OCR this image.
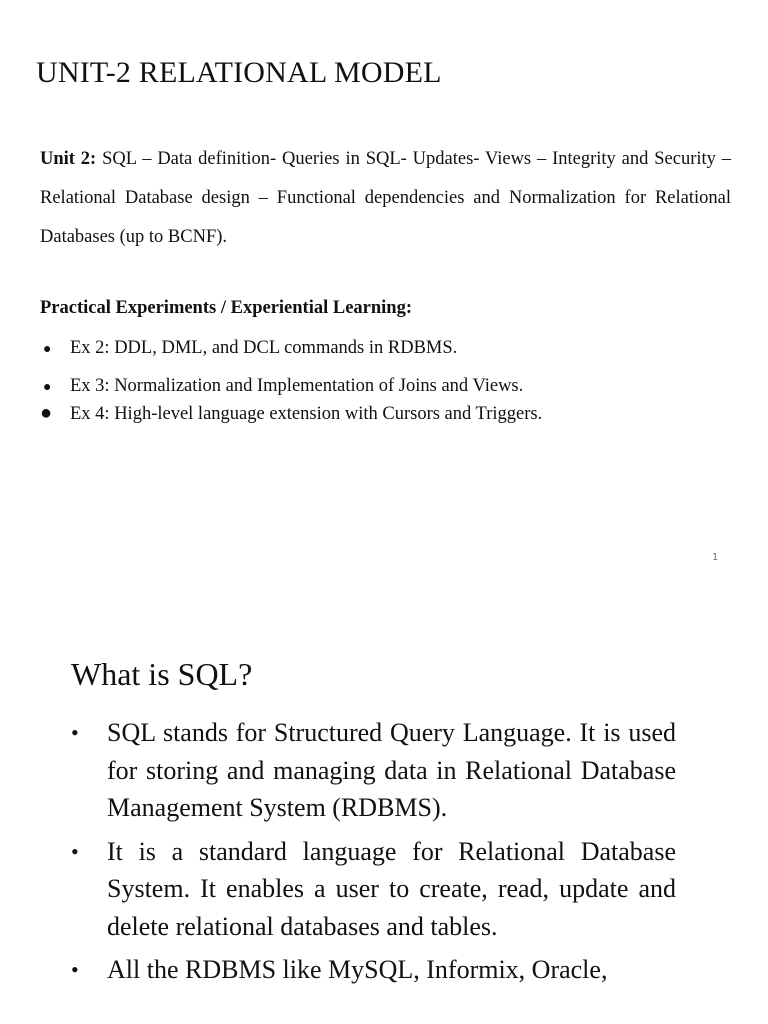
UNIT-2 RELATIONAL MODEL

Unit 2: SQL – Data definition- Queries in SQL- Updates- Views – Integrity and Security – Relational Database design – Functional dependencies and Normalization for Relational Databases (up to BCNF).

Practical Experiments / Experiential Learning:

● Ex 2: DDL, DML, and DCL commands in RDBMS.
● Ex 3: Normalization and Implementation of Joins and Views.
● Ex 4: High-level language extension with Cursors and Triggers.
1
What is SQL?
• SQL stands for Structured Query Language. It is used for storing and managing data in Relational Database Management System (RDBMS).
• It is a standard language for Relational Database System. It enables a user to create, read, update and delete relational databases and tables.
• All the RDBMS like MySQL, Informix, Oracle,
